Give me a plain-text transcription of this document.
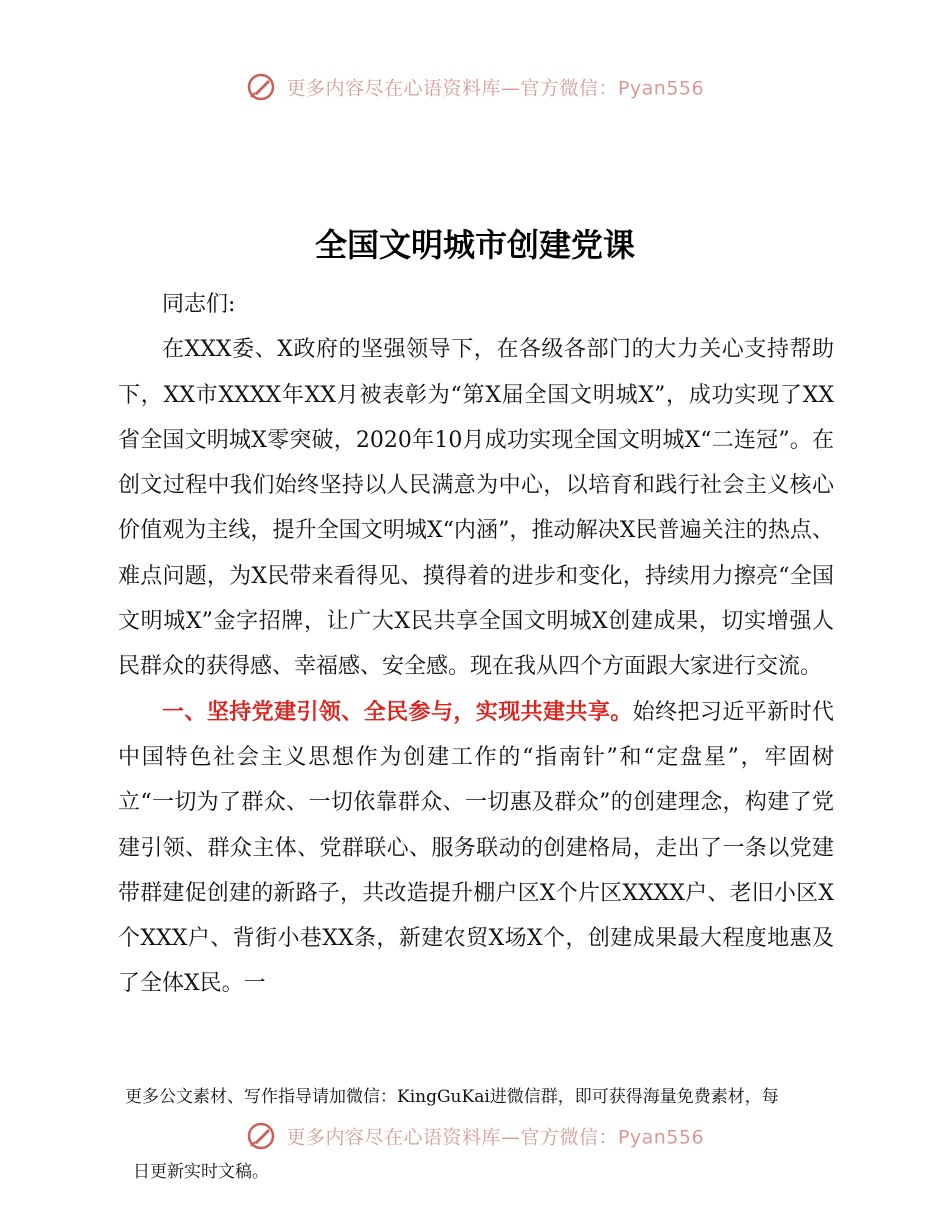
更多内容尽在心语资料库—官方微信：Pyan556
全国文明城市创建党课

同志们:

在XXX委、X政府的坚强领导下，在各级各部门的大力关心支持帮助下，XX市XXXX年XX月被表彰为“第X届全国文明城X”，成功实现了XX省全国文明城X零突破，2020年10月成功实现全国文明城X“二连冠”。在创文过程中我们始终坚持以人民满意为中心，以培育和践行社会主义核心价值观为主线，提升全国文明城X“内涵”，推动解决X民普遍关注的热点、难点问题，为X民带来看得见、摸得着的进步和变化，持续用力擦亮“全国文明城X”金字招牌，让广大X民共享全国文明城X创建成果，切实增强人民群众的获得感、幸福感、安全感。现在我从四个方面跟大家进行交流。

一、坚持党建引领、全民参与，实现共建共享。始终把习近平新时代中国特色社会主义思想作为创建工作的“指南针”和“定盘星”，牢固树立“一切为了群众、一切依靠群众、一切惠及群众”的创建理念，构建了党建引领、群众主体、党群联心、服务联动的创建格局，走出了一条以党建带群建促创建的新路子，共改造提升棚户区X个片区XXXX户、老旧小区X个XXX户、背街小巷XX条，新建农贸X场X个，创建成果最大程度地惠及了全体X民。一

更多公文素材、写作指导请加微信：KingGuKai进微信群，即可获得海量免费素材，每
更多内容尽在心语资料库—官方微信：Pyan556
日更新实时文稿。
